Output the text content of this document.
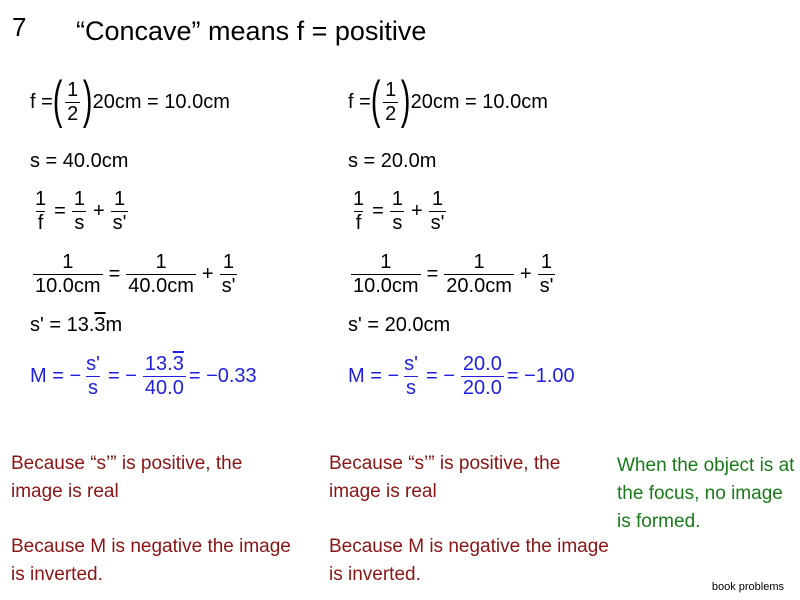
7 “Concave” means f = positive
f = ( $\frac{1}{2}$ ) 20cm = 10.0cm
s = 40.0cm
$\frac{1}{f} = \frac{1}{s} + \frac{1}{s'}$
$\frac{1}{10.0cm} = \frac{1}{40.0cm} + \frac{1}{s'}$
s' = 13. 3 m
M = − $\frac{s'}{s}$ = − $\frac{13.3}{40.0} = -0.33$
f = ( $\frac{1}{2}$ ) 20cm = 10.0cm
s = 20.0m
$\frac{1}{f} = \frac{1}{s} + \frac{1}{s'}$
$\frac{1}{10.0cm} = \frac{1}{20.0cm} + \frac{1}{s'}$
s' = 20.0cm
M = − $\frac{s'}{s}$ = − $\frac{20.0}{20.0} = -1.00$
Because “s’” is positive, the image is real
Because M is negative the image is inverted.
Because “s’” is positive, the image is real
Because M is negative the image is inverted.
When the object is at the focus, no image is formed.
book problems
